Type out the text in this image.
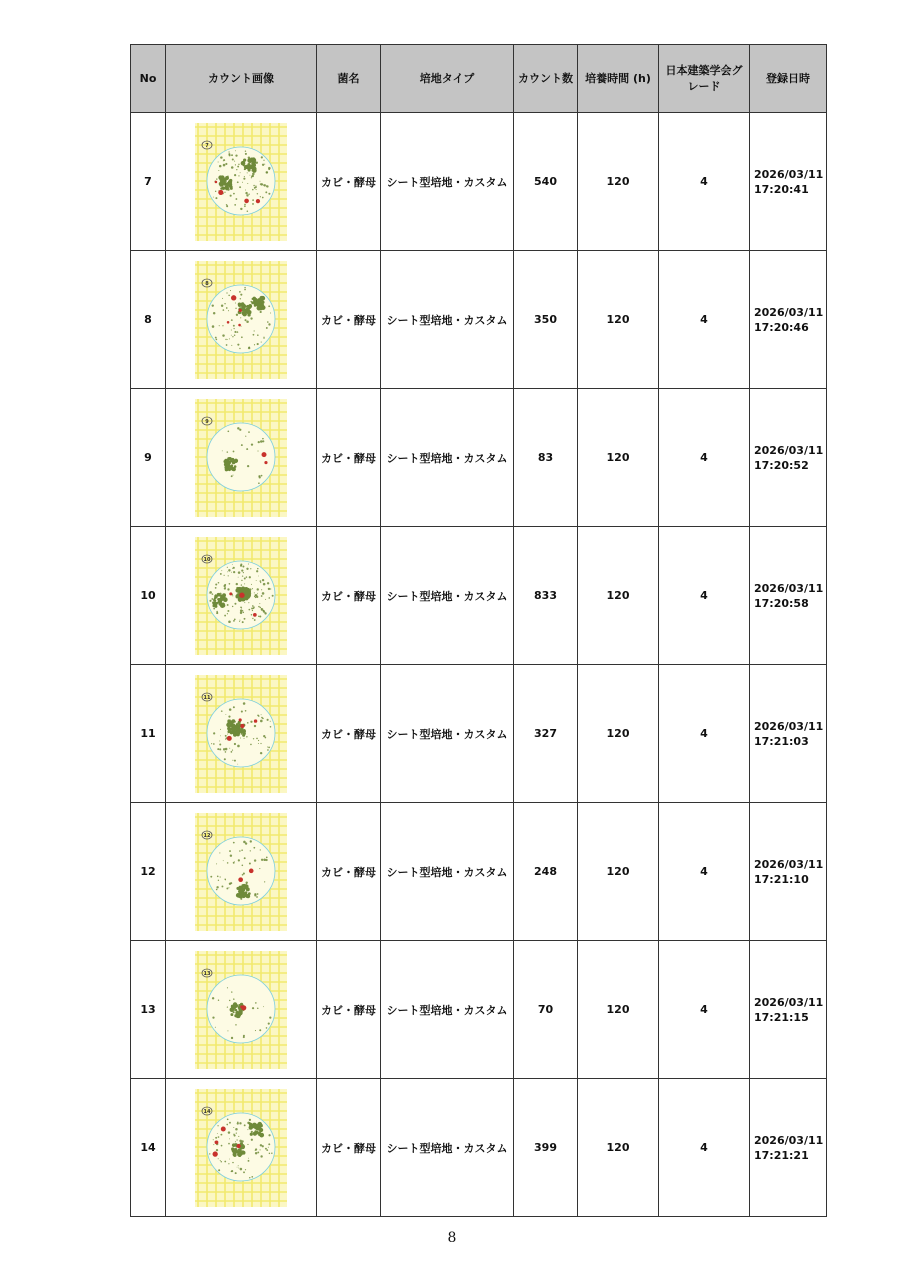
No	カウント画像	菌名	培地タイプ	カウント数	培養時間 (h)	日本建築学会グレード	登録日時
7	7	カビ・酵母	シート型培地・カスタム	540	120	4	2026/03/11
17:20:41

8	8	カビ・酵母	シート型培地・カスタム	350	120	4	2026/03/11
17:20:46

9	9	カビ・酵母	シート型培地・カスタム	83	120	4	2026/03/11
17:20:52

10	10	カビ・酵母	シート型培地・カスタム	833	120	4	2026/03/11
17:20:58

11	11	カビ・酵母	シート型培地・カスタム	327	120	4	2026/03/11
17:21:03

12	12	カビ・酵母	シート型培地・カスタム	248	120	4	2026/03/11
17:21:10

13	13	カビ・酵母	シート型培地・カスタム	70	120	4	2026/03/11
17:21:15

14	14	カビ・酵母	シート型培地・カスタム	399	120	4	2026/03/11
17:21:21
8
